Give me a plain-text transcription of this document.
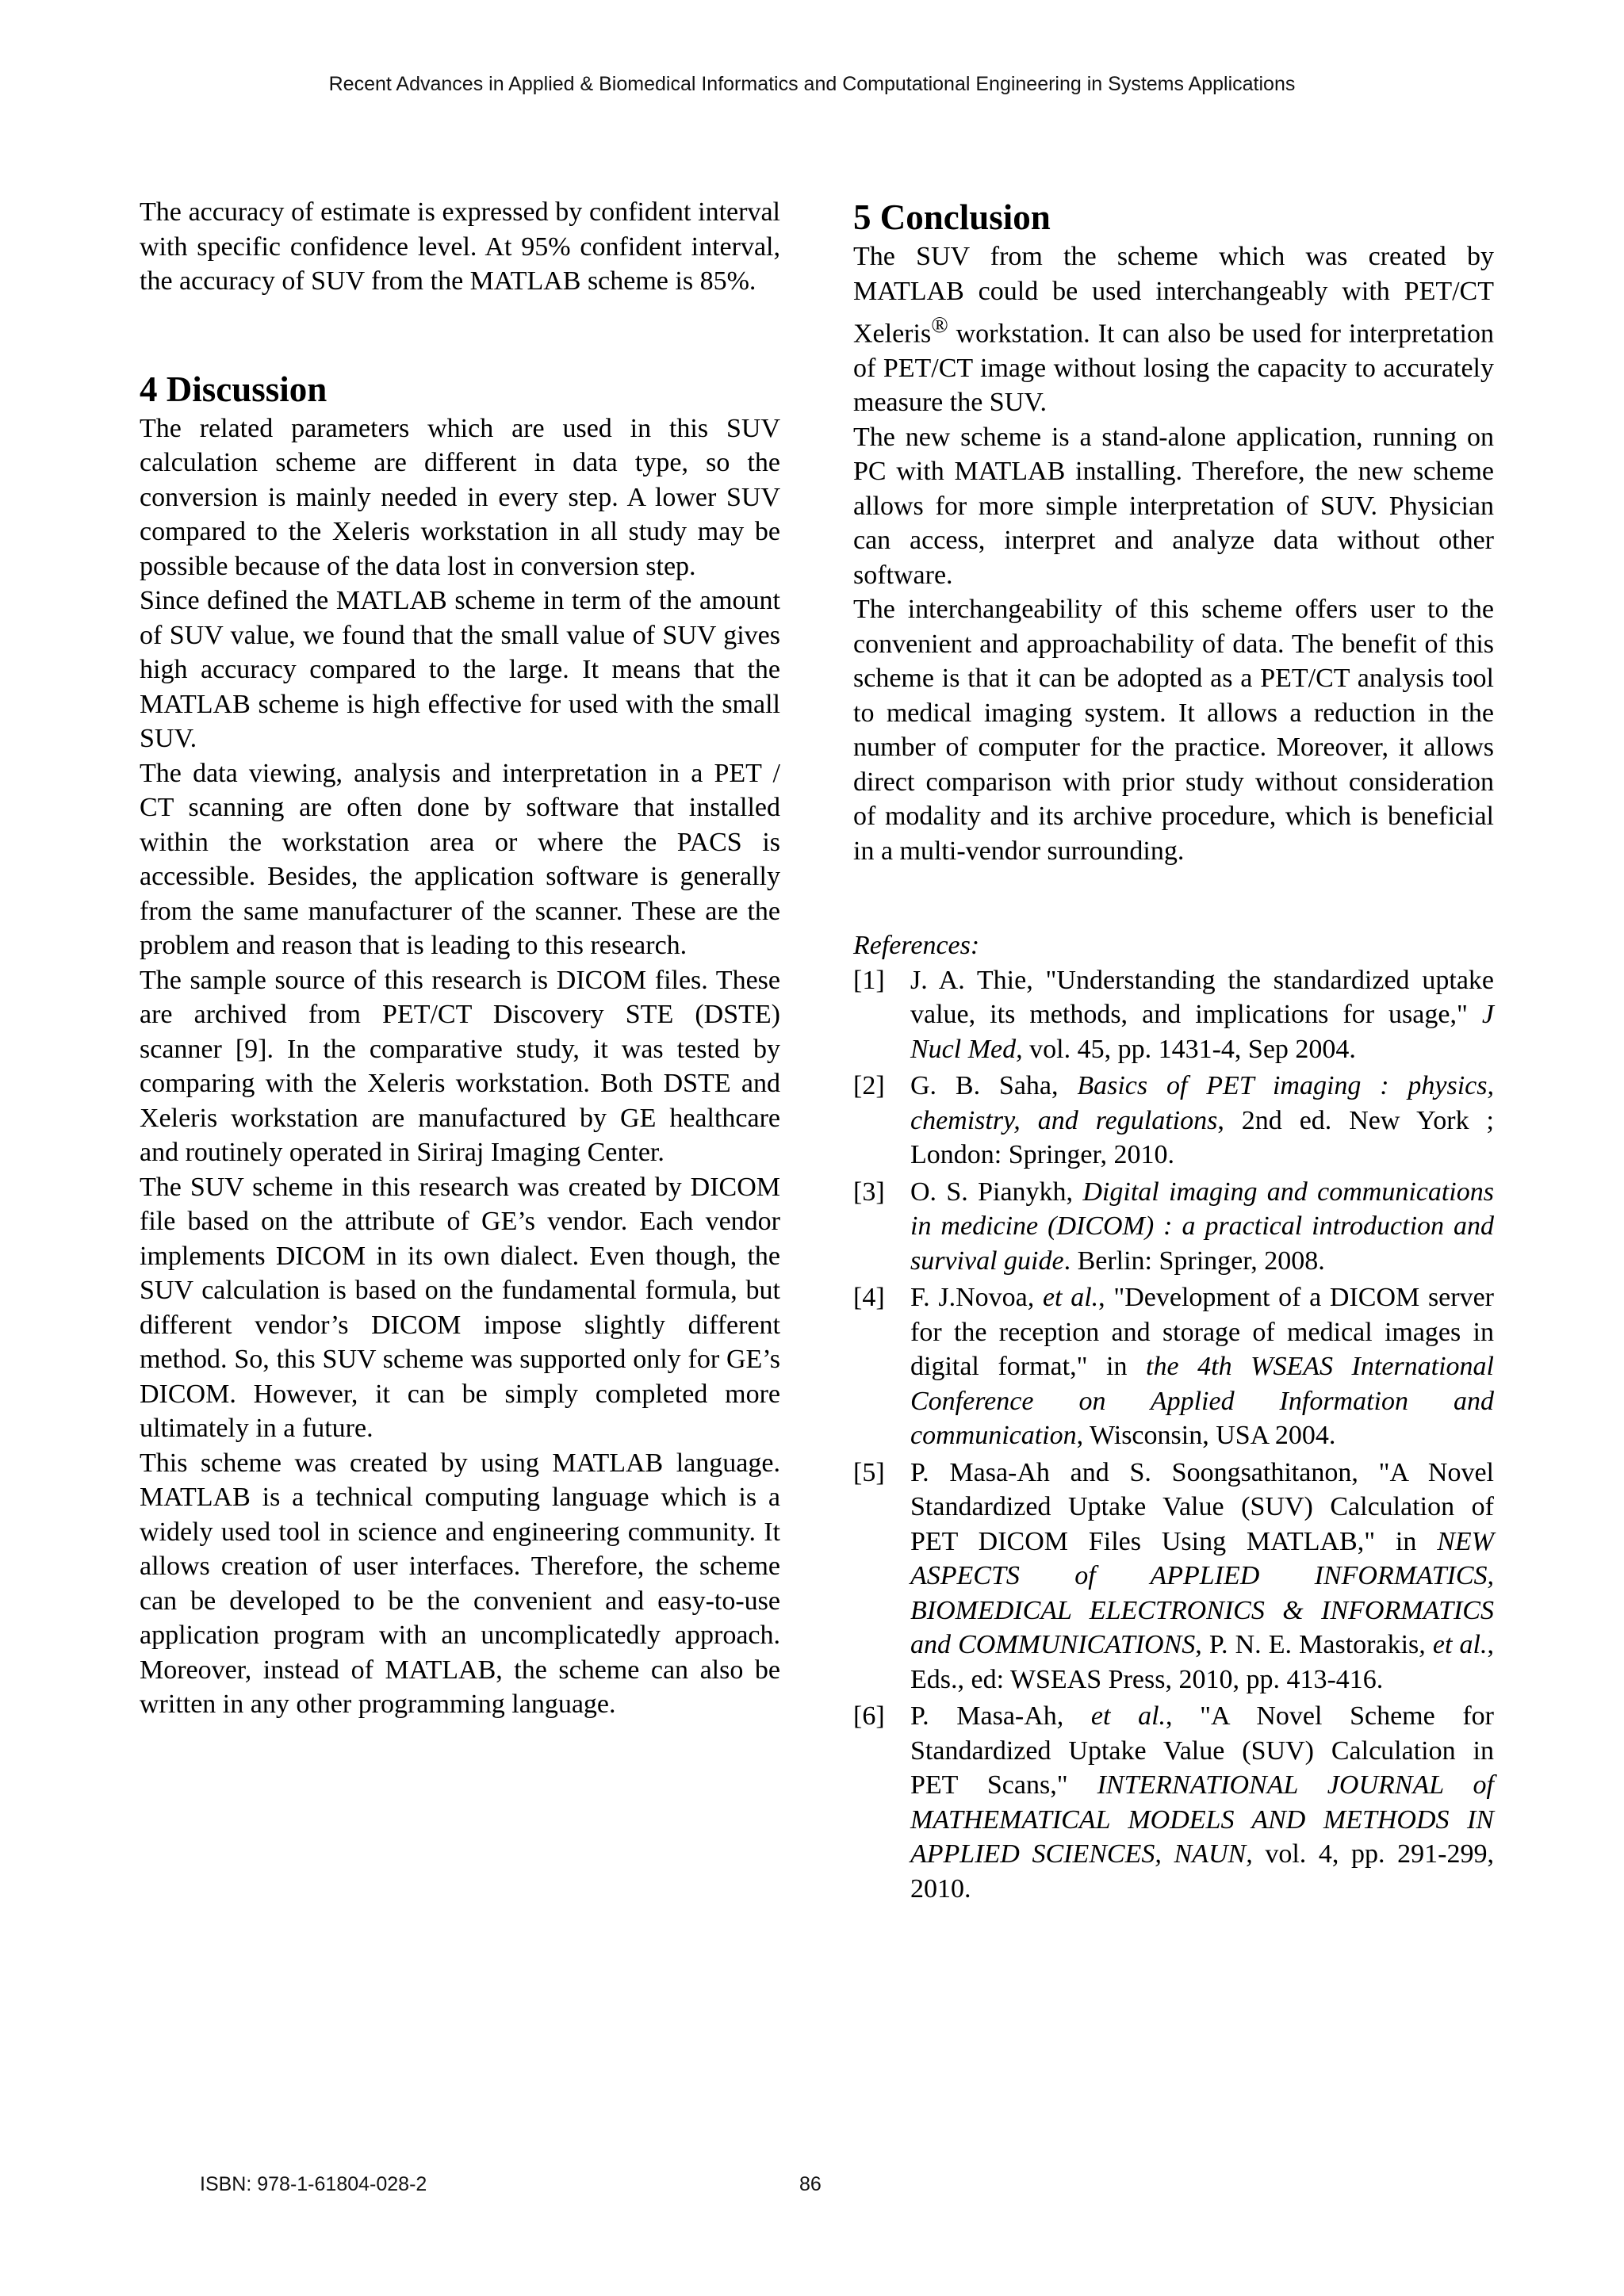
Recent Advances in Applied & Biomedical Informatics and Computational Engineering in Systems Applications

The accuracy of estimate is expressed by confident interval with specific confidence level. At 95% confident interval, the accuracy of SUV from the MATLAB scheme is 85%.

4 Discussion

The related parameters which are used in this SUV calculation scheme are different in data type, so the conversion is mainly needed in every step. A lower SUV compared to the Xeleris workstation in all study may be possible because of the data lost in conversion step.

Since defined the MATLAB scheme in term of the amount of SUV value, we found that the small value of SUV gives high accuracy compared to the large. It means that the MATLAB scheme is high effective for used with the small SUV.

The data viewing, analysis and interpretation in a PET / CT scanning are often done by software that installed within the workstation area or where the PACS is accessible. Besides, the application software is generally from the same manufacturer of the scanner. These are the problem and reason that is leading to this research.

The sample source of this research is DICOM files. These are archived from PET/CT Discovery STE (DSTE) scanner [9]. In the comparative study, it was tested by comparing with the Xeleris workstation. Both DSTE and Xeleris workstation are manufactured by GE healthcare and routinely operated in Siriraj Imaging Center.

The SUV scheme in this research was created by DICOM file based on the attribute of GE’s vendor. Each vendor implements DICOM in its own dialect. Even though, the SUV calculation is based on the fundamental formula, but different vendor’s DICOM impose slightly different method. So, this SUV scheme was supported only for GE’s DICOM. However, it can be simply completed more ultimately in a future.

This scheme was created by using MATLAB language. MATLAB is a technical computing language which is a widely used tool in science and engineering community. It allows creation of user interfaces. Therefore, the scheme can be developed to be the convenient and easy-to-use application program with an uncomplicatedly approach. Moreover, instead of MATLAB, the scheme can also be written in any other programming language.

5 Conclusion

The SUV from the scheme which was created by MATLAB could be used interchangeably with PET/CT Xeleris® workstation. It can also be used for interpretation of PET/CT image without losing the capacity to accurately measure the SUV.

The new scheme is a stand-alone application, running on PC with MATLAB installing. Therefore, the new scheme allows for more simple interpretation of SUV. Physician can access, interpret and analyze data without other software.

The interchangeability of this scheme offers user to the convenient and approachability of data. The benefit of this scheme is that it can be adopted as a PET/CT analysis tool to medical imaging system. It allows a reduction in the number of computer for the practice. Moreover, it allows direct comparison with prior study without consideration of modality and its archive procedure, which is beneficial in a multi-vendor surrounding.

References:
[1] J. A. Thie, "Understanding the standardized uptake value, its methods, and implications for usage," J Nucl Med, vol. 45, pp. 1431-4, Sep 2004.
[2] G. B. Saha, Basics of PET imaging : physics, chemistry, and regulations, 2nd ed. New York ; London: Springer, 2010.
[3] O. S. Pianykh, Digital imaging and communications in medicine (DICOM) : a practical introduction and survival guide. Berlin: Springer, 2008.
[4] F. J.Novoa, et al., "Development of a DICOM server for the reception and storage of medical images in digital format," in the 4th WSEAS International Conference on Applied Information and communication, Wisconsin, USA 2004.
[5] P. Masa-Ah and S. Soongsathitanon, "A Novel Standardized Uptake Value (SUV) Calculation of PET DICOM Files Using MATLAB," in NEW ASPECTS of APPLIED INFORMATICS, BIOMEDICAL ELECTRONICS & INFORMATICS and COMMUNICATIONS, P. N. E. Mastorakis, et al., Eds., ed: WSEAS Press, 2010, pp. 413-416.
[6] P. Masa-Ah, et al., "A Novel Scheme for Standardized Uptake Value (SUV) Calculation in PET Scans," INTERNATIONAL JOURNAL of MATHEMATICAL MODELS AND METHODS IN APPLIED SCIENCES, NAUN, vol. 4, pp. 291-299, 2010.
ISBN: 978-1-61804-028-2	86
